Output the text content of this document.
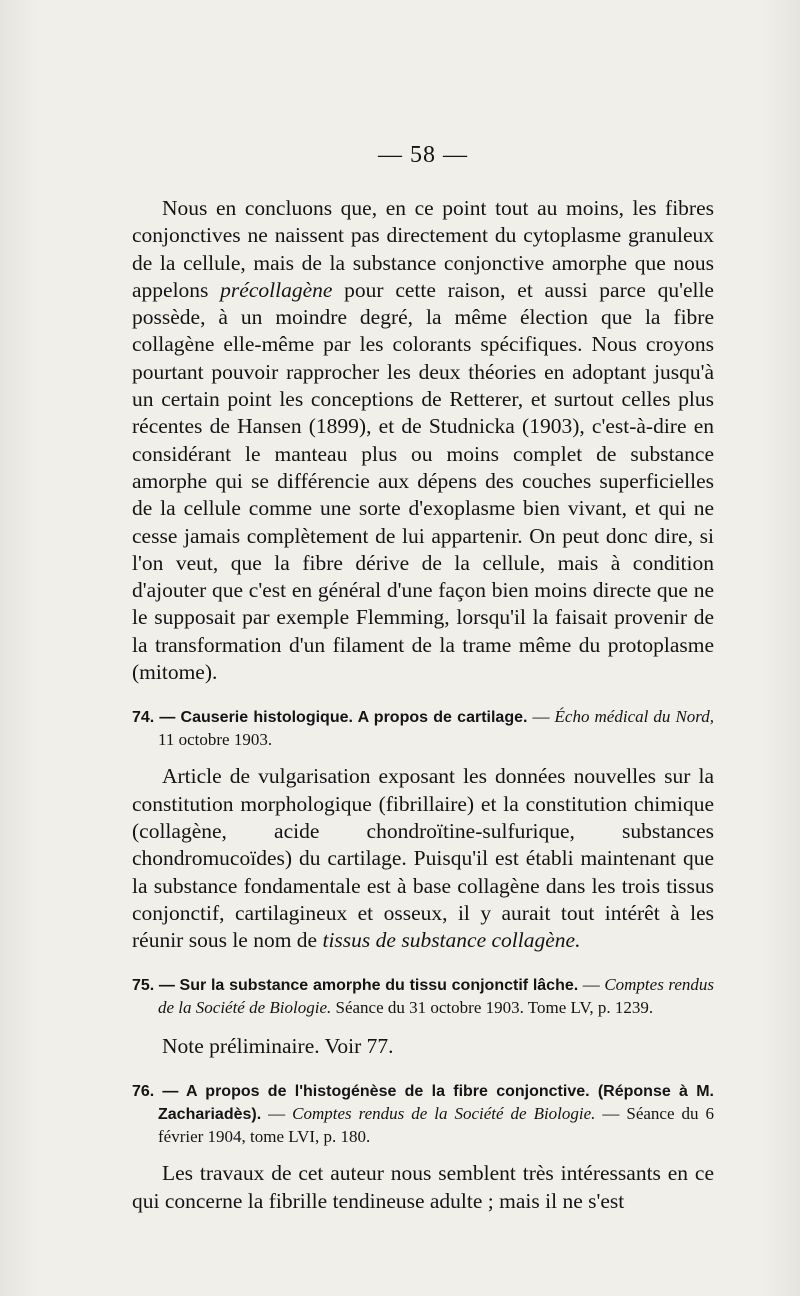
— 58 —

Nous en concluons que, en ce point tout au moins, les fibres conjonctives ne naissent pas directement du cytoplasme granuleux de la cellule, mais de la substance conjonctive amorphe que nous appelons précollagène pour cette raison, et aussi parce qu'elle possède, à un moindre degré, la même élection que la fibre collagène elle-même par les colorants spécifiques. Nous croyons pourtant pouvoir rapprocher les deux théories en adoptant jusqu'à un certain point les conceptions de Retterer, et surtout celles plus récentes de Hansen (1899), et de Studnicka (1903), c'est-à-dire en considérant le manteau plus ou moins complet de substance amorphe qui se différencie aux dépens des couches superficielles de la cellule comme une sorte d'exoplasme bien vivant, et qui ne cesse jamais complètement de lui appartenir. On peut donc dire, si l'on veut, que la fibre dérive de la cellule, mais à condition d'ajouter que c'est en général d'une façon bien moins directe que ne le supposait par exemple Flemming, lorsqu'il la faisait provenir de la transformation d'un filament de la trame même du protoplasme (mitome).

74. — Causerie histologique. A propos de cartilage. — Écho médical du Nord, 11 octobre 1903.

Article de vulgarisation exposant les données nouvelles sur la constitution morphologique (fibrillaire) et la constitution chimique (collagène, acide chondroïtine-sulfurique, substances chondromucoïdes) du cartilage. Puisqu'il est établi maintenant que la substance fondamentale est à base collagène dans les trois tissus conjonctif, cartilagineux et osseux, il y aurait tout intérêt à les réunir sous le nom de tissus de substance collagène.

75. — Sur la substance amorphe du tissu conjonctif lâche. — Comptes rendus de la Société de Biologie. Séance du 31 octobre 1903. Tome LV, p. 1239.

Note préliminaire. Voir 77.

76. — A propos de l'histogénèse de la fibre conjonctive. (Réponse à M. Zachariadès). — Comptes rendus de la Société de Biologie. — Séance du 6 février 1904, tome LVI, p. 180.

Les travaux de cet auteur nous semblent très intéressants en ce qui concerne la fibrille tendineuse adulte ; mais il ne s'est
